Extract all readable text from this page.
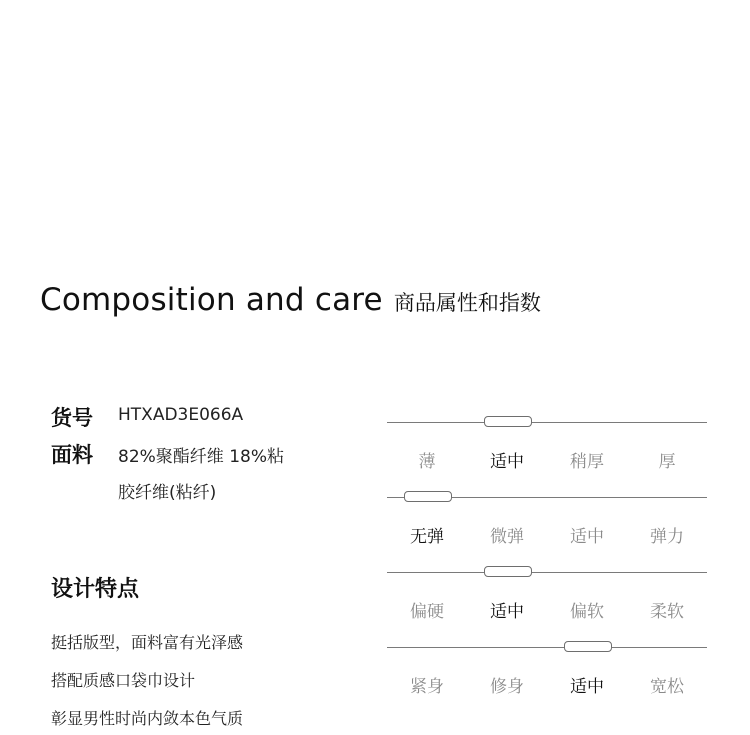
Composition and care 商品属性和指数
货号 HTXAD3E066A
面料 82%聚酯纤维 18%粘
胶纤维(粘纤)
设计特点
挺括版型，面料富有光泽感
搭配质感口袋巾设计
彰显男性时尚内敛本色气质
薄	适中	稍厚	厚
无弹	微弹	适中	弹力
偏硬	适中	偏软	柔软
紧身	修身	适中	宽松
